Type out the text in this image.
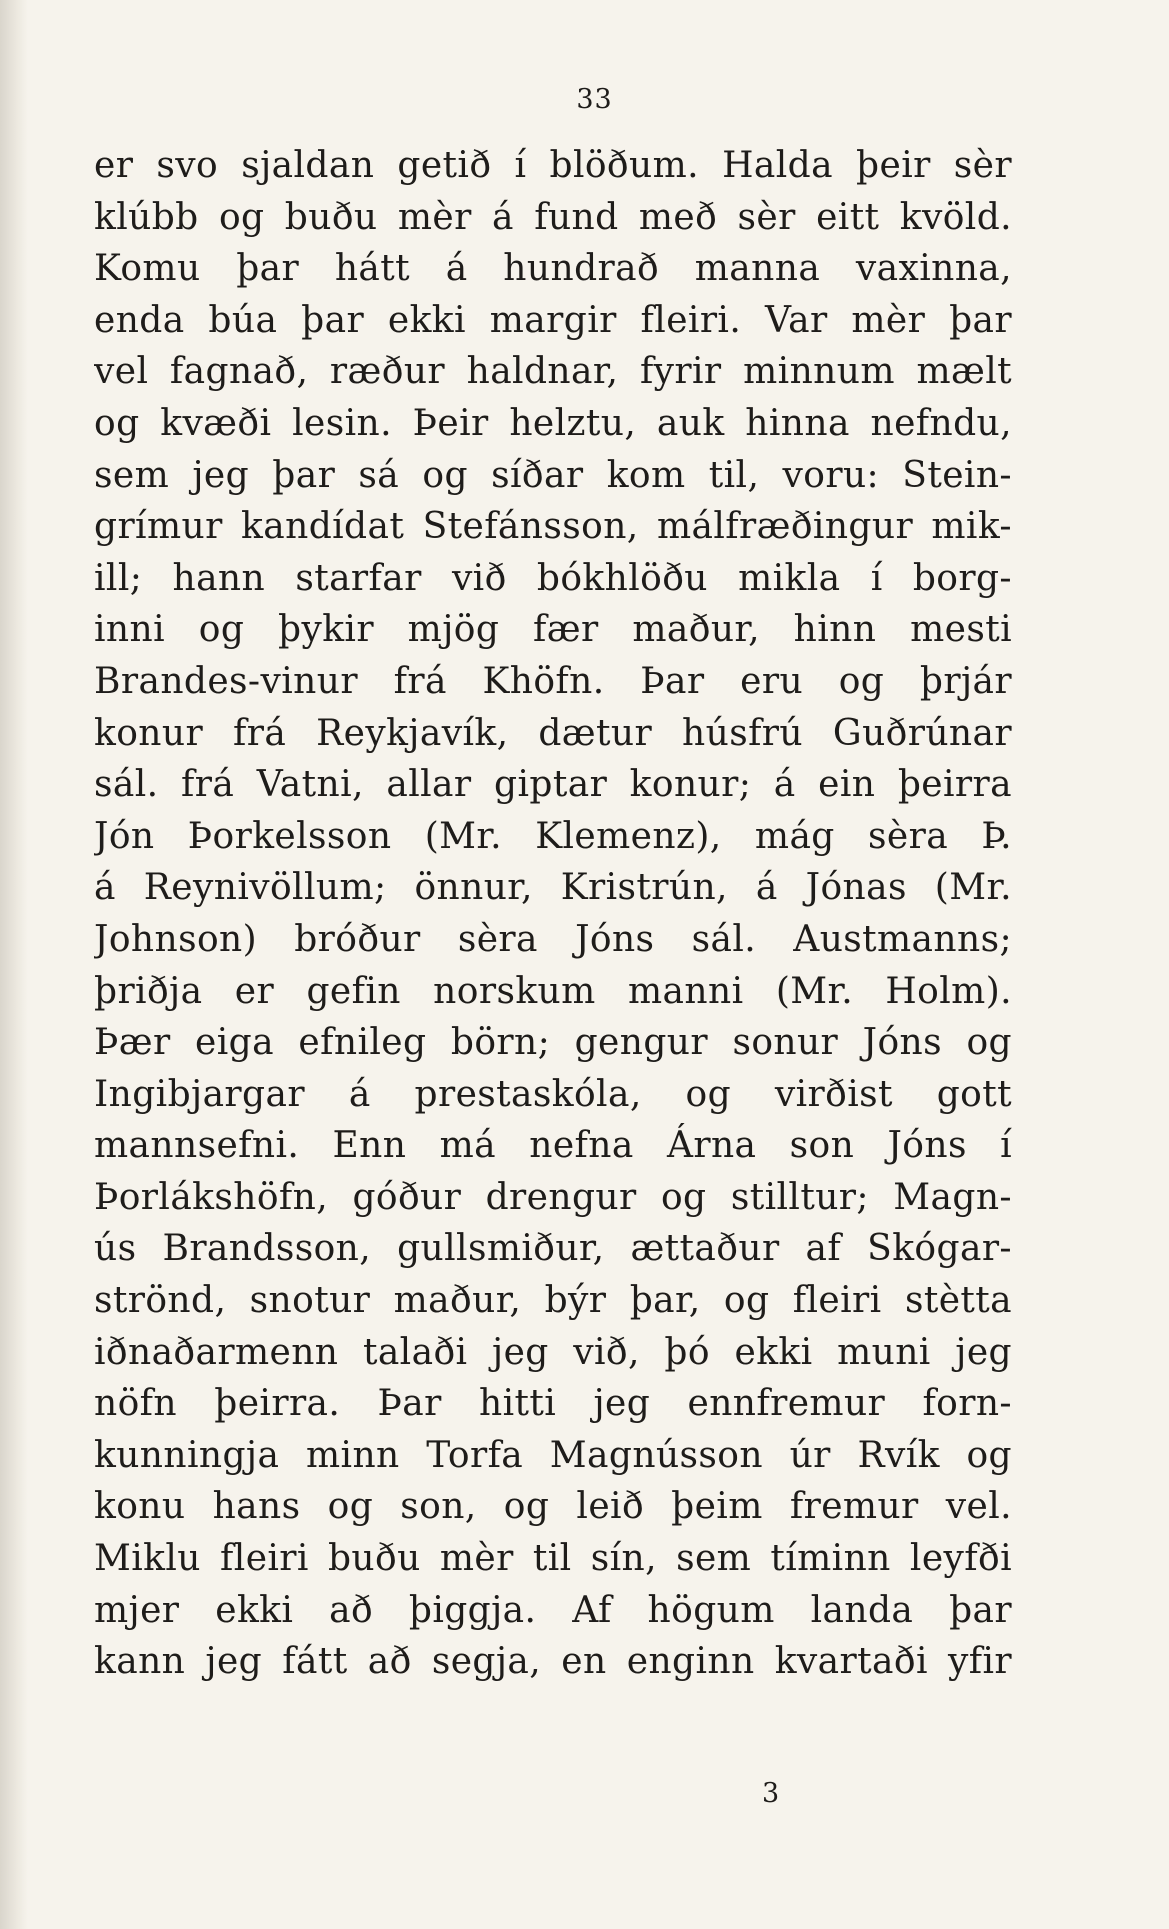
33
er svo sjaldan getið í blöðum. Halda þeir sèr
klúbb og buðu mèr á fund með sèr eitt kvöld.
Komu þar hátt á hundrað manna vaxinna,
enda búa þar ekki margir fleiri. Var mèr þar
vel fagnað, ræður haldnar, fyrir minnum mælt
og kvæði lesin. Þeir helztu, auk hinna nefndu,
sem jeg þar sá og síðar kom til, voru: Stein-
grímur kandídat Stefánsson, málfræðingur mik-
ill; hann starfar við bókhlöðu mikla í borg-
inni og þykir mjög fær maður, hinn mesti
Brandes-vinur frá Khöfn. Þar eru og þrjár
konur frá Reykjavík, dætur húsfrú Guðrúnar
sál. frá Vatni, allar giptar konur; á ein þeirra
Jón Þorkelsson (Mr. Klemenz), mág sèra Þ.
á Reynivöllum; önnur, Kristrún, á Jónas (Mr.
Johnson) bróður sèra Jóns sál. Austmanns;
þriðja er gefin norskum manni (Mr. Holm).
Þær eiga efnileg börn; gengur sonur Jóns og
Ingibjargar á prestaskóla, og virðist gott
mannsefni. Enn má nefna Árna son Jóns í
Þorlákshöfn, góður drengur og stilltur; Magn-
ús Brandsson, gullsmiður, ættaður af Skógar-
strönd, snotur maður, býr þar, og fleiri stètta
iðnaðarmenn talaði jeg við, þó ekki muni jeg
nöfn þeirra. Þar hitti jeg ennfremur forn-
kunningja minn Torfa Magnússon úr Rvík og
konu hans og son, og leið þeim fremur vel.
Miklu fleiri buðu mèr til sín, sem tíminn leyfði
mjer ekki að þiggja. Af högum landa þar
kann jeg fátt að segja, en enginn kvartaði yfir
3
